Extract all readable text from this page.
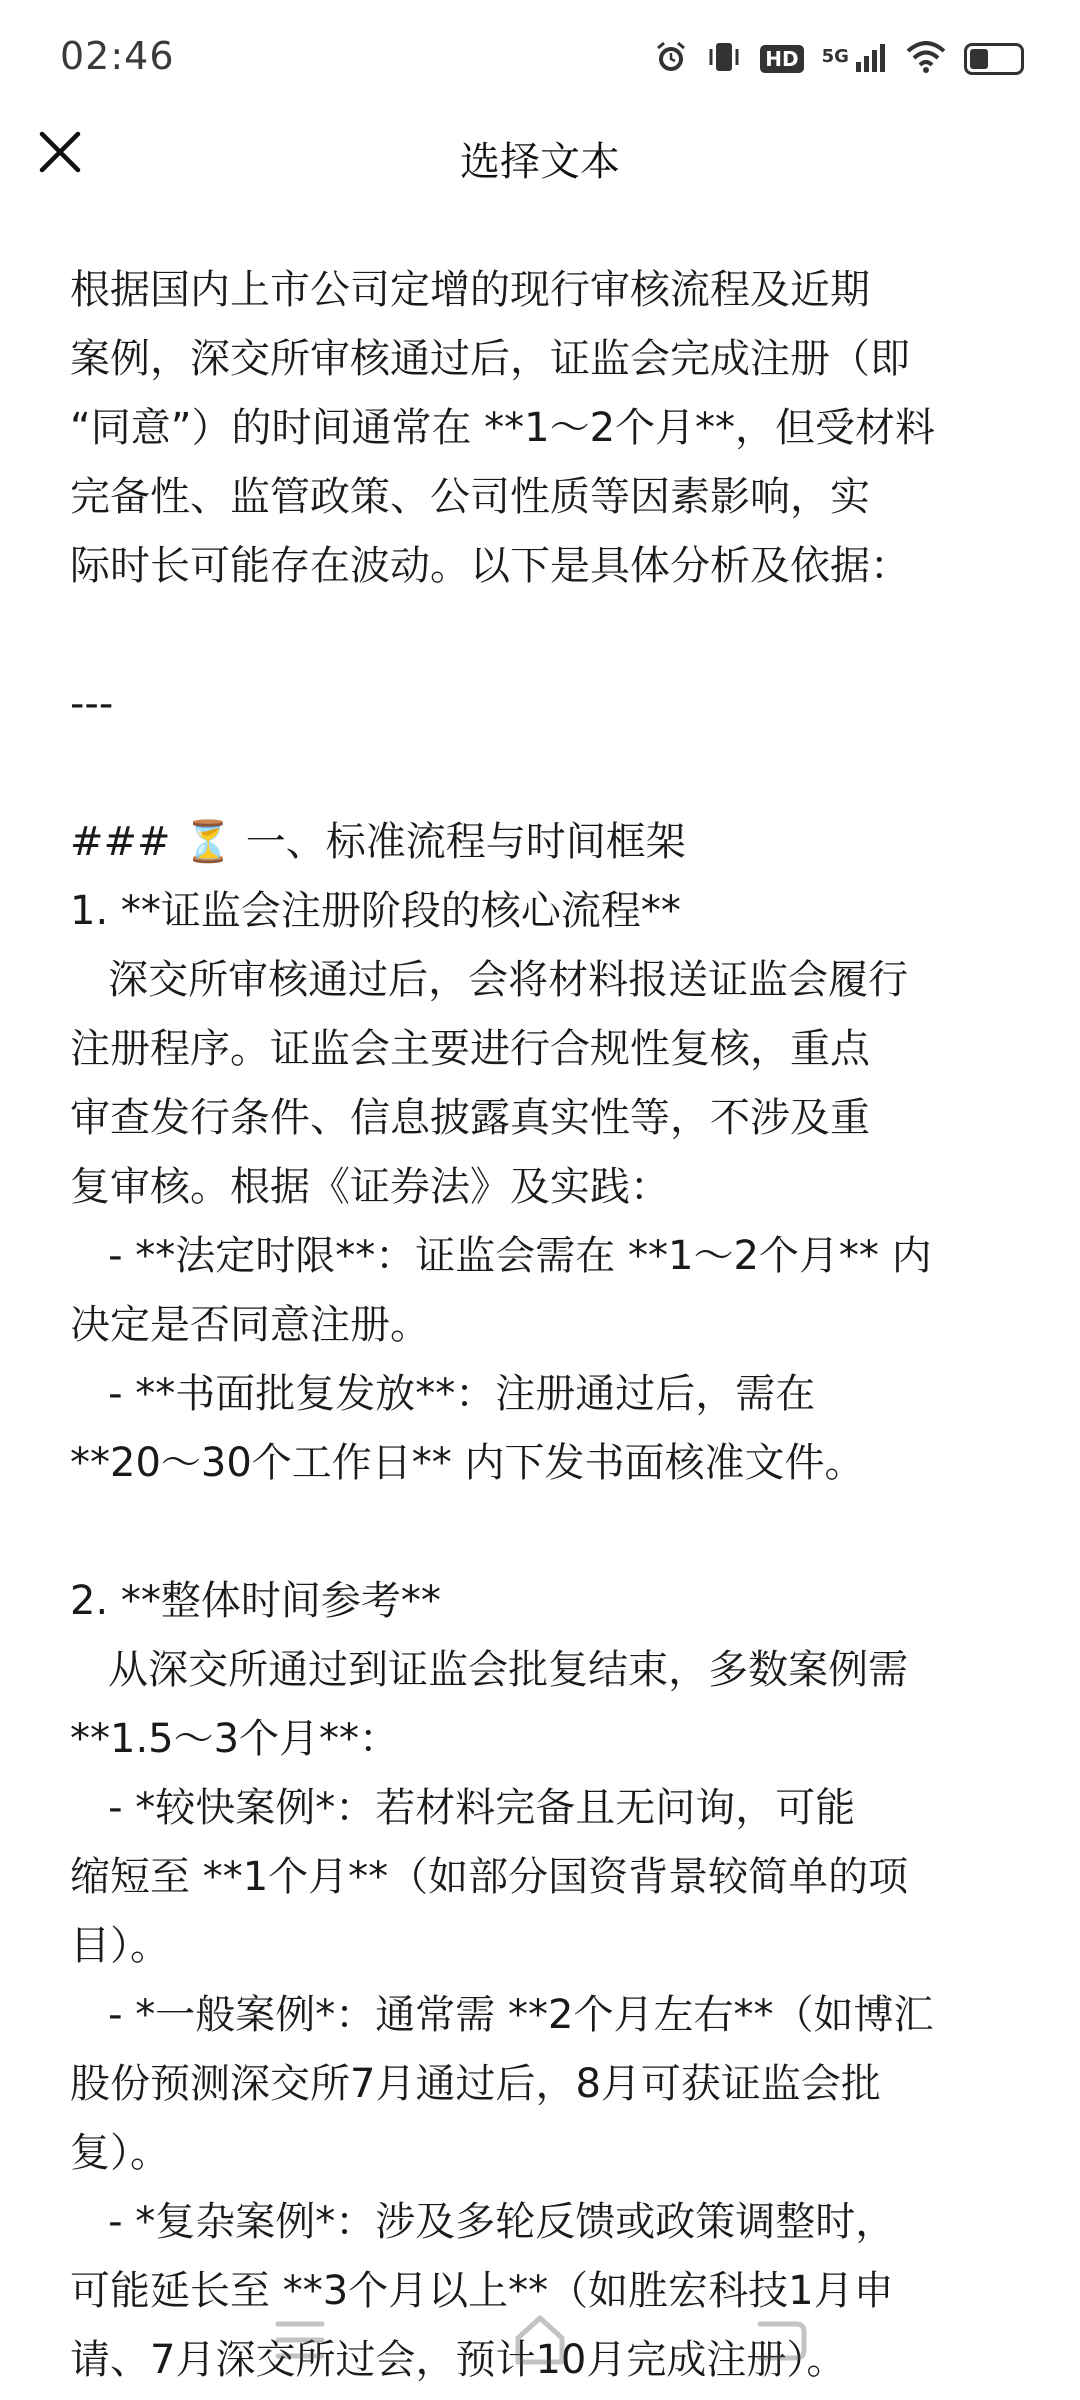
02:46	HD 5G
选择文本

根据国内上市公司定增的现行审核流程及近期

案例，深交所审核通过后，证监会完成注册（即

“同意”）的时间通常在 **1～2个月**，但受材料

完备性、监管政策、公司性质等因素影响，实

际时长可能存在波动。以下是具体分析及依据：

---

### ⏳ 一、标准流程与时间框架

1. **证监会注册阶段的核心流程**

深交所审核通过后，会将材料报送证监会履行

注册程序。证监会主要进行合规性复核，重点

审查发行条件、信息披露真实性等，不涉及重

复审核。根据《证券法》及实践：

- **法定时限**：证监会需在 **1～2个月** 内

决定是否同意注册。

- **书面批复发放**：注册通过后，需在

**20～30个工作日** 内下发书面核准文件。

2. **整体时间参考**

从深交所通过到证监会批复结束，多数案例需

**1.5～3个月**：

- *较快案例*：若材料完备且无问询，可能

缩短至 **1个月**（如部分国资背景较简单的项

目）。

- *一般案例*：通常需 **2个月左右**（如博汇

股份预测深交所7月通过后，8月可获证监会批

复）。

- *复杂案例*：涉及多轮反馈或政策调整时，

可能延长至 **3个月以上**（如胜宏科技1月申

请、7月深交所过会，预计10月完成注册）。
